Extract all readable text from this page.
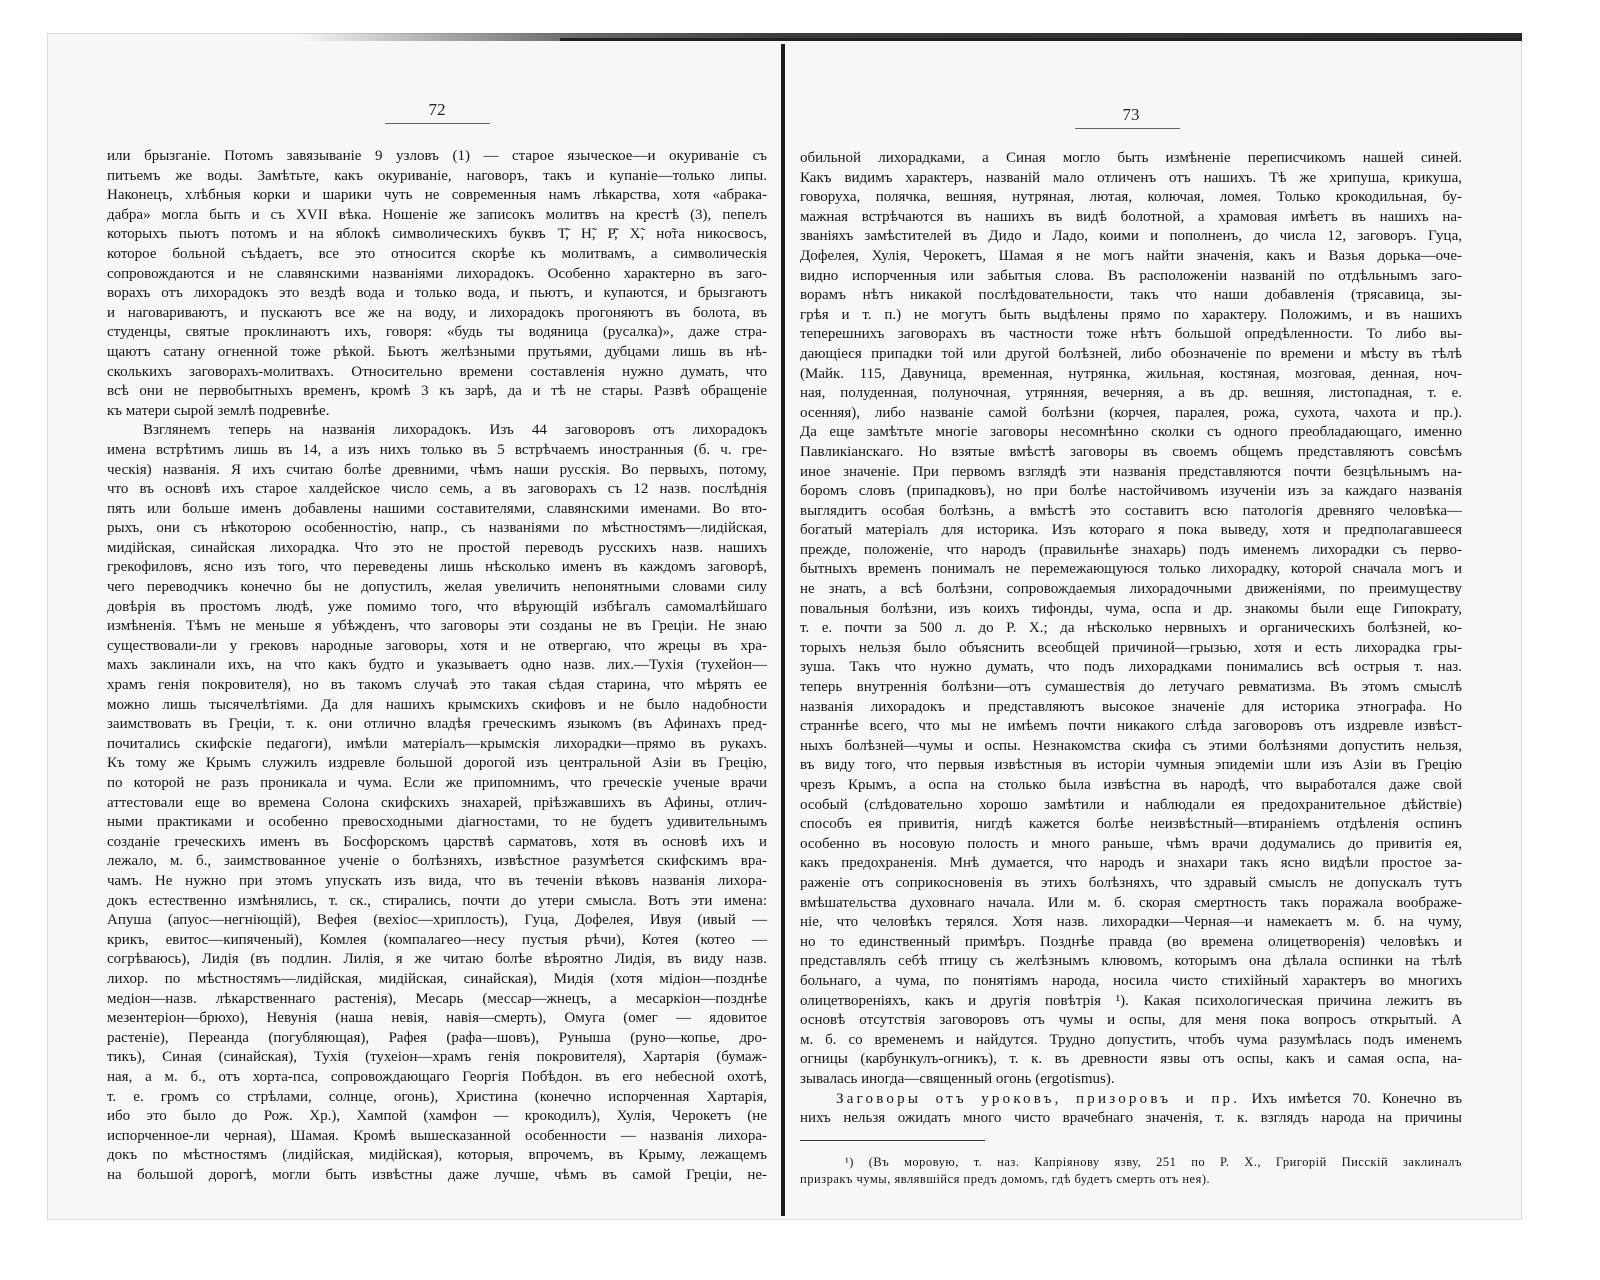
72
или брызганіе. Потомъ завязываніе 9 узловъ (1) — старое языческое—и окуриваніе съ
питьемъ же воды. Замѣтьте, какъ окуриваніе, наговоръ, такъ и купаніе—только липы.
Наконецъ, хлѣбныя корки и шарики чуть не современныя намъ лѣкарства, хотя «абрака-
дабра» могла быть и съ XVII вѣка. Ношеніе же записокъ молитвъ на крестѣ (3), пепелъ
которыхъ пьютъ потомъ и на яблокѣ символическихъ буквъ Т̃, Н̃, Р̃, Х̃, но̃та никосвосъ,
которое больной съѣдаетъ, все это относится скорѣе къ молитвамъ, а символическія
сопровождаются и не славянскими названіями лихорадокъ. Особенно характерно въ заго-
ворахъ отъ лихорадокъ это вездѣ вода и только вода, и пьютъ, и купаются, и брызгаютъ
и наговариваютъ, и пускаютъ все же на воду, и лихорадокъ прогоняютъ въ болота, въ
студенцы, святые проклинаютъ ихъ, говоря: «будь ты водяница (русалка)», даже стра-
щаютъ сатану огненной тоже рѣкой. Бьютъ желѣзными прутьями, дубцами лишь въ нѣ-
сколькихъ заговорахъ-молитвахъ. Относительно времени составленія нужно думать, что
всѣ они не первобытныхъ временъ, кромѣ 3 къ зарѣ, да и тѣ не стары. Развѣ обращеніе
къ матери сырой землѣ подревнѣе.
Взглянемъ теперь на названія лихорадокъ. Изъ 44 заговоровъ отъ лихорадокъ
имена встрѣтимъ лишь въ 14, а изъ нихъ только въ 5 встрѣчаемъ иностранныя (б. ч. гре-
ческія) названія. Я ихъ считаю болѣе древними, чѣмъ наши русскія. Во первыхъ, потому,
что въ основѣ ихъ старое халдейское число семь, а въ заговорахъ съ 12 назв. послѣднія
пять или больше именъ добавлены нашими составителями, славянскими именами. Во вто-
рыхъ, они съ нѣкоторою особенностію, напр., съ названіями по мѣстностямъ—лидійская,
мидійская, синайская лихорадка. Что это не простой переводъ русскихъ назв. нашихъ
грекофиловъ, ясно изъ того, что переведены лишь нѣсколько именъ въ каждомъ заговорѣ,
чего переводчикъ конечно бы не допустилъ, желая увеличить непонятными словами силу
довѣрія въ простомъ людѣ, уже помимо того, что вѣрующій избѣгалъ самомалѣйшаго
измѣненія. Тѣмъ не меньше я убѣжденъ, что заговоры эти созданы не въ Греціи. Не знаю
существовали-ли у грековъ народные заговоры, хотя и не отвергаю, что жрецы въ хра-
махъ заклинали ихъ, на что какъ будто и указываетъ одно назв. лих.—Тухія (тухейон—
храмъ генія покровителя), но въ такомъ случаѣ это такая сѣдая старина, что мѣрять ее
можно лишь тысячелѣтіями. Да для нашихъ крымскихъ скифовъ и не было надобности
заимствовать въ Греціи, т. к. они отлично владѣя греческимъ языкомъ (въ Афинахъ пред-
почитались скифскіе педагоги), имѣли матеріалъ—крымскія лихорадки—прямо въ рукахъ.
Къ тому же Крымъ служилъ издревле большой дорогой изъ центральной Азіи въ Грецію,
по которой не разъ проникала и чума. Если же припомнимъ, что греческіе ученые врачи
аттестовали еще во времена Солона скифскихъ знахарей, пріѣзжавшихъ въ Афины, отлич-
ными практиками и особенно превосходными діагностами, то не будетъ удивительнымъ
созданіе греческихъ именъ въ Босфорскомъ царствѣ сарматовъ, хотя въ основѣ ихъ и
лежало, м. б., заимствованное ученіе о болѣзняхъ, извѣстное разумѣется скифскимъ вра-
чамъ. Не нужно при этомъ упускать изъ вида, что въ теченіи вѣковъ названія лихора-
докъ естественно измѣнялись, т. ск., стирались, почти до утери смысла. Вотъ эти имена:
Апуша (апуос—негніющій), Вефея (вехіос—хриплость), Гуца, Дофелея, Ивуя (ивый —
крикъ, евитос—кипяченый), Комлея (компалагео—несу пустыя рѣчи), Котея (котео —
согрѣваюсь), Лидія (въ подлин. Лилія, я же читаю болѣе вѣроятно Лидія, въ виду назв.
лихор. по мѣстностямъ—лидійская, мидійская, синайская), Мидія (хотя мідіон—позднѣе
медіон—назв. лѣкарственнаго растенія), Месарь (мессар—жнецъ, а месаркіон—позднѣе
мезентеріон—брюхо), Невунія (наша невія, навія—смерть), Омуга (омег — ядовитое
растеніе), Переанда (погубляющая), Рафея (рафа—шовъ), Руныша (руно—копье, дро-
тикъ), Синая (синайская), Тухія (тухеіон—храмъ генія покровителя), Хартарія (бумаж-
ная, а м. б., отъ хорта-пса, сопровождающаго Георгія Побѣдон. въ его небесной охотѣ,
т. е. громъ со стрѣлами, солнце, огонь), Христина (конечно испорченная Хартарія,
ибо это было до Рож. Хр.), Хампой (хамфон — крокодилъ), Хулія, Черокетъ (не
испорченное-ли черная), Шамая. Кромѣ вышесказанной особенности — названія лихора-
докъ по мѣстностямъ (лидійская, мидійская), которыя, впрочемъ, въ Крыму, лежащемъ
на большой дорогѣ, могли быть извѣстны даже лучше, чѣмъ въ самой Греціи, не-
73
обильной лихорадками, а Синая могло быть измѣненіе переписчикомъ нашей синей.
Какъ видимъ характеръ, названій мало отличенъ отъ нашихъ. Тѣ же хрипуша, крикуша,
говоруха, полячка, вешняя, нутряная, лютая, колючая, ломея. Только крокодильная, бу-
мажная встрѣчаются въ нашихъ въ видѣ болотной, а храмовая имѣетъ въ нашихъ на-
званіяхъ замѣстителей въ Дидо и Ладо, коими и пополненъ, до числа 12, заговоръ. Гуца,
Дофелея, Хулія, Черокетъ, Шамая я не могъ найти значенія, какъ и Вазья дорька—оче-
видно испорченныя или забытыя слова. Въ расположеніи названій по отдѣльнымъ заго-
ворамъ нѣтъ никакой послѣдовательности, такъ что наши добавленія (трясавица, зы-
грѣя и т. п.) не могутъ быть выдѣлены прямо по характеру. Положимъ, и въ нашихъ
теперешнихъ заговорахъ въ частности тоже нѣтъ большой опредѣленности. То либо вы-
дающіеся припадки той или другой болѣзней, либо обозначеніе по времени и мѣсту въ тѣлѣ
(Майк. 115, Давуница, временная, нутрянка, жильная, костяная, мозговая, денная, ноч-
ная, полуденная, полуночная, утрянняя, вечерняя, а въ др. вешняя, листопадная, т. е.
осенняя), либо названіе самой болѣзни (корчея, паралея, рожа, сухота, чахота и пр.).
Да еще замѣтьте многіе заговоры несомнѣнно сколки съ одного преобладающаго, именно
Павликіанскаго. Но взятые вмѣстѣ заговоры въ своемъ общемъ представляютъ совсѣмъ
иное значеніе. При первомъ взглядѣ эти названія представляются почти безцѣльнымъ на-
боромъ словъ (припадковъ), но при болѣе настойчивомъ изученіи изъ за каждаго названія
выглядитъ особая болѣзнь, а вмѣстѣ это составитъ всю патологія древняго человѣка—
богатый матеріалъ для историка. Изъ котораго я пока выведу, хотя и предполагавшееся
прежде, положеніе, что народъ (правильнѣе знахарь) подъ именемъ лихорадки съ перво-
бытныхъ временъ понималъ не перемежающуюся только лихорадку, которой сначала могъ и
не знать, а всѣ болѣзни, сопровождаемыя лихорадочными движеніями, по преимуществу
повальныя болѣзни, изъ коихъ тифонды, чума, оспа и др. знакомы были еще Гипократу,
т. е. почти за 500 л. до Р. Х.; да нѣсколько нервныхъ и органическихъ болѣзней, ко-
торыхъ нельзя было объяснить всеобщей причиной—грызью, хотя и есть лихорадка гры-
зуша. Такъ что нужно думать, что подъ лихорадками понимались всѣ острыя т. наз.
теперь внутреннія болѣзни—отъ сумашествія до летучаго ревматизма. Въ этомъ смыслѣ
названія лихорадокъ и представляютъ высокое значеніе для историка этнографа. Но
страннѣе всего, что мы не имѣемъ почти никакого слѣда заговоровъ отъ издревле извѣст-
ныхъ болѣзней—чумы и оспы. Незнакомства скифа съ этими болѣзнями допустить нельзя,
въ виду того, что первыя извѣстныя въ исторіи чумныя эпидеміи шли изъ Азіи въ Грецію
чрезъ Крымъ, а оспа на столько была извѣстна въ народѣ, что выработался даже свой
особый (слѣдовательно хорошо замѣтили и наблюдали ея предохранительное дѣйствіе)
способъ ея привитія, нигдѣ кажется болѣе неизвѣстный—втираніемъ отдѣленія оспинъ
особенно въ носовую полость и много раньше, чѣмъ врачи додумались до привитія ея,
какъ предохраненія. Мнѣ думается, что народъ и знахари такъ ясно видѣли простое за-
раженіе отъ соприкосновенія въ этихъ болѣзняхъ, что здравый смыслъ не допускалъ тутъ
вмѣшательства духовнаго начала. Или м. б. скорая смертность такъ поражала воображе-
ніе, что человѣкъ терялся. Хотя назв. лихорадки—Черная—и намекаетъ м. б. на чуму,
но то единственный примѣръ. Позднѣе правда (во времена олицетворенія) человѣкъ и
представлялъ себѣ птицу съ желѣзнымъ клювомъ, которымъ она дѣлала оспинки на тѣлѣ
больнаго, а чума, по понятіямъ народа, носила чисто стихійный характеръ во многихъ
олицетвореніяхъ, какъ и другія повѣтрія ¹). Какая психологическая причина лежитъ въ
основѣ отсутствія заговоровъ отъ чумы и оспы, для меня пока вопросъ открытый. А
м. б. со временемъ и найдутся. Трудно допустить, чтобъ чума разумѣлась подъ именемъ
огницы (карбункулъ-огникъ), т. к. въ древности язвы отъ оспы, какъ и самая оспа, на-
зывалась иногда—священный огонь (ergotismus).
Заговоры отъ уроковъ, призоровъ и пр. Ихъ имѣется 70. Конечно въ
нихъ нельзя ожидать много чисто врачебнаго значенія, т. к. взглядъ народа на причины
¹) (Въ моровую, т. наз. Капріянову язву, 251 по Р. Х., Григорій Писскій заклиналъ
призракъ чумы, являвшійся предъ домомъ, гдѣ будетъ смерть отъ нея).
